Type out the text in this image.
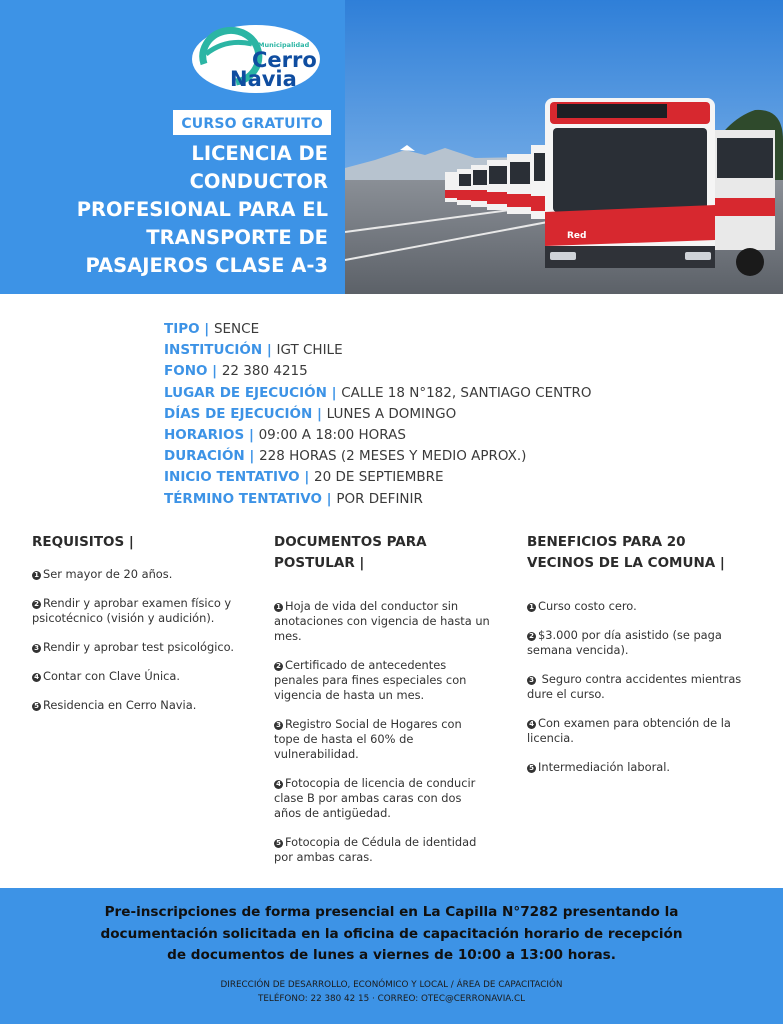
Municipalidad
Cerro
Navia
CURSO GRATUITO
LICENCIA DE
CONDUCTOR
PROFESIONAL PARA EL
TRANSPORTE DE
PASAJEROS CLASE A-3
Red
TIPO | SENCE
INSTITUCIÓN | IGT CHILE
FONO | 22 380 4215
LUGAR DE EJECUCIÓN | CALLE 18 N°182, SANTIAGO CENTRO
DÍAS DE EJECUCIÓN | LUNES A DOMINGO
HORARIOS | 09:00 A 18:00 HORAS
DURACIÓN | 228 HORAS (2 MESES Y MEDIO APROX.)
INICIO TENTATIVO | 20 DE SEPTIEMBRE
TÉRMINO TENTATIVO | POR DEFINIR
REQUISITOS |
1 Ser mayor de 20 años.
2 Rendir y aprobar examen físico y psicotécnico (visión y audición).
3 Rendir y aprobar test psicológico.
4 Contar con Clave Única.
5 Residencia en Cerro Navia.
DOCUMENTOS PARA
POSTULAR |
1 Hoja de vida del conductor sin anotaciones con vigencia de hasta un mes.
2 Certificado de antecedentes penales para fines especiales con vigencia de hasta un mes.
3 Registro Social de Hogares con tope de hasta el 60% de vulnerabilidad.
4 Fotocopia de licencia de conducir clase B por ambas caras con dos años de antigüedad.
5 Fotocopia de Cédula de identidad por ambas caras.
BENEFICIOS PARA 20
VECINOS DE LA COMUNA |
1 Curso costo cero.
2 $3.000 por día asistido (se paga semana vencida).
3 Seguro contra accidentes mientras dure el curso.
4 Con examen para obtención de la licencia.
5 Intermediación laboral.
Pre-inscripciones de forma presencial en La Capilla N°7282 presentando la
documentación solicitada en la oficina de capacitación horario de recepción
de documentos de lunes a viernes de 10:00 a 13:00 horas.
DIRECCIÓN DE DESARROLLO, ECONÓMICO Y LOCAL / ÁREA DE CAPACITACIÓN
TELÉFONO: 22 380 42 15 · CORREO: OTEC@CERRONAVIA.CL
